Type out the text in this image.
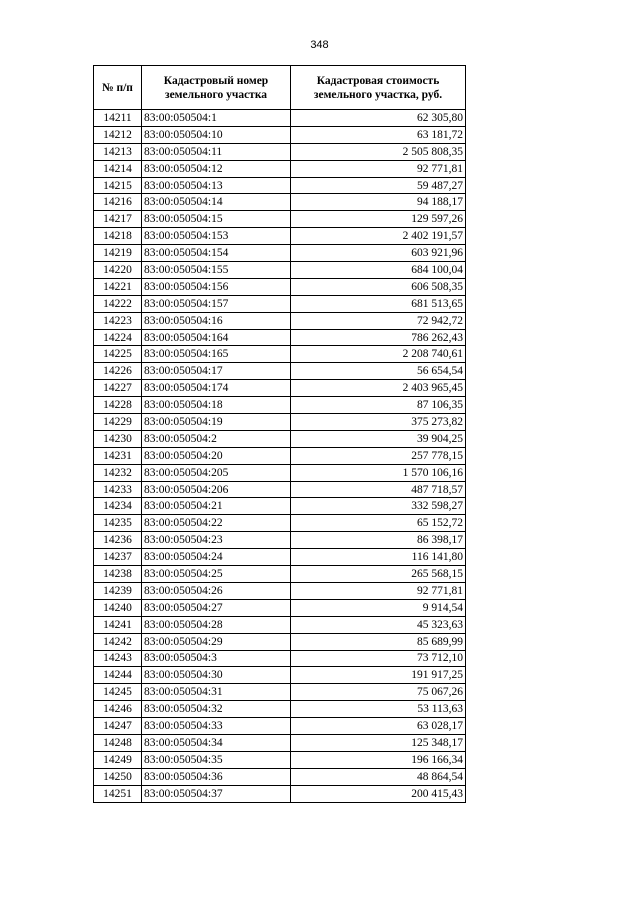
348
№ п/п	Кадастровый номер земельного участка	Кадастровая стоимость земельного участка, руб.
14211	83:00:050504:1	62 305,80
14212	83:00:050504:10	63 181,72
14213	83:00:050504:11	2 505 808,35
14214	83:00:050504:12	92 771,81
14215	83:00:050504:13	59 487,27
14216	83:00:050504:14	94 188,17
14217	83:00:050504:15	129 597,26
14218	83:00:050504:153	2 402 191,57
14219	83:00:050504:154	603 921,96
14220	83:00:050504:155	684 100,04
14221	83:00:050504:156	606 508,35
14222	83:00:050504:157	681 513,65
14223	83:00:050504:16	72 942,72
14224	83:00:050504:164	786 262,43
14225	83:00:050504:165	2 208 740,61
14226	83:00:050504:17	56 654,54
14227	83:00:050504:174	2 403 965,45
14228	83:00:050504:18	87 106,35
14229	83:00:050504:19	375 273,82
14230	83:00:050504:2	39 904,25
14231	83:00:050504:20	257 778,15
14232	83:00:050504:205	1 570 106,16
14233	83:00:050504:206	487 718,57
14234	83:00:050504:21	332 598,27
14235	83:00:050504:22	65 152,72
14236	83:00:050504:23	86 398,17
14237	83:00:050504:24	116 141,80
14238	83:00:050504:25	265 568,15
14239	83:00:050504:26	92 771,81
14240	83:00:050504:27	9 914,54
14241	83:00:050504:28	45 323,63
14242	83:00:050504:29	85 689,99
14243	83:00:050504:3	73 712,10
14244	83:00:050504:30	191 917,25
14245	83:00:050504:31	75 067,26
14246	83:00:050504:32	53 113,63
14247	83:00:050504:33	63 028,17
14248	83:00:050504:34	125 348,17
14249	83:00:050504:35	196 166,34
14250	83:00:050504:36	48 864,54
14251	83:00:050504:37	200 415,43
